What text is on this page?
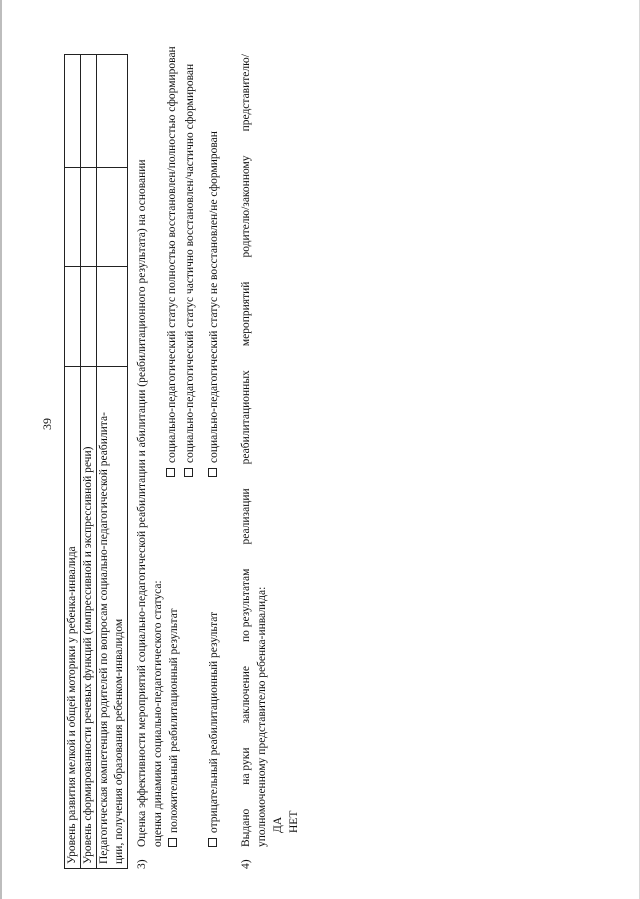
39
Уровень развития мелкой и общей моторики у ребенка-инвалида			
Уровень сформированности речевых функций (импрессивной и экспрессивной речи)			

Педагогическая компетенция родителей по вопросам социально-педагогической реабилита- ции, получения образования ребенком-инвалидом			

3)
Оценка эффективности мероприятий социально-педагогической реабилитации и абилитации (реабилитационного результата) на основании оценки динамики социально-педагогического статуса: положительный реабилитационный результат
социально-педагогический статус полностью восстановлен/полностью сформирован социально-педагогический статус частично восстановлен/частично сформирован
отрицательный реабилитационный результат
социально-педагогический статус не восстановлен/не сформирован
4)
Выдано
на руки
заключение
по результатам
реализации
реабилитационных
мероприятий
родителю/законному
представителю/
уполномоченному представителю ребенка-инвалида: ДА НЕТ
